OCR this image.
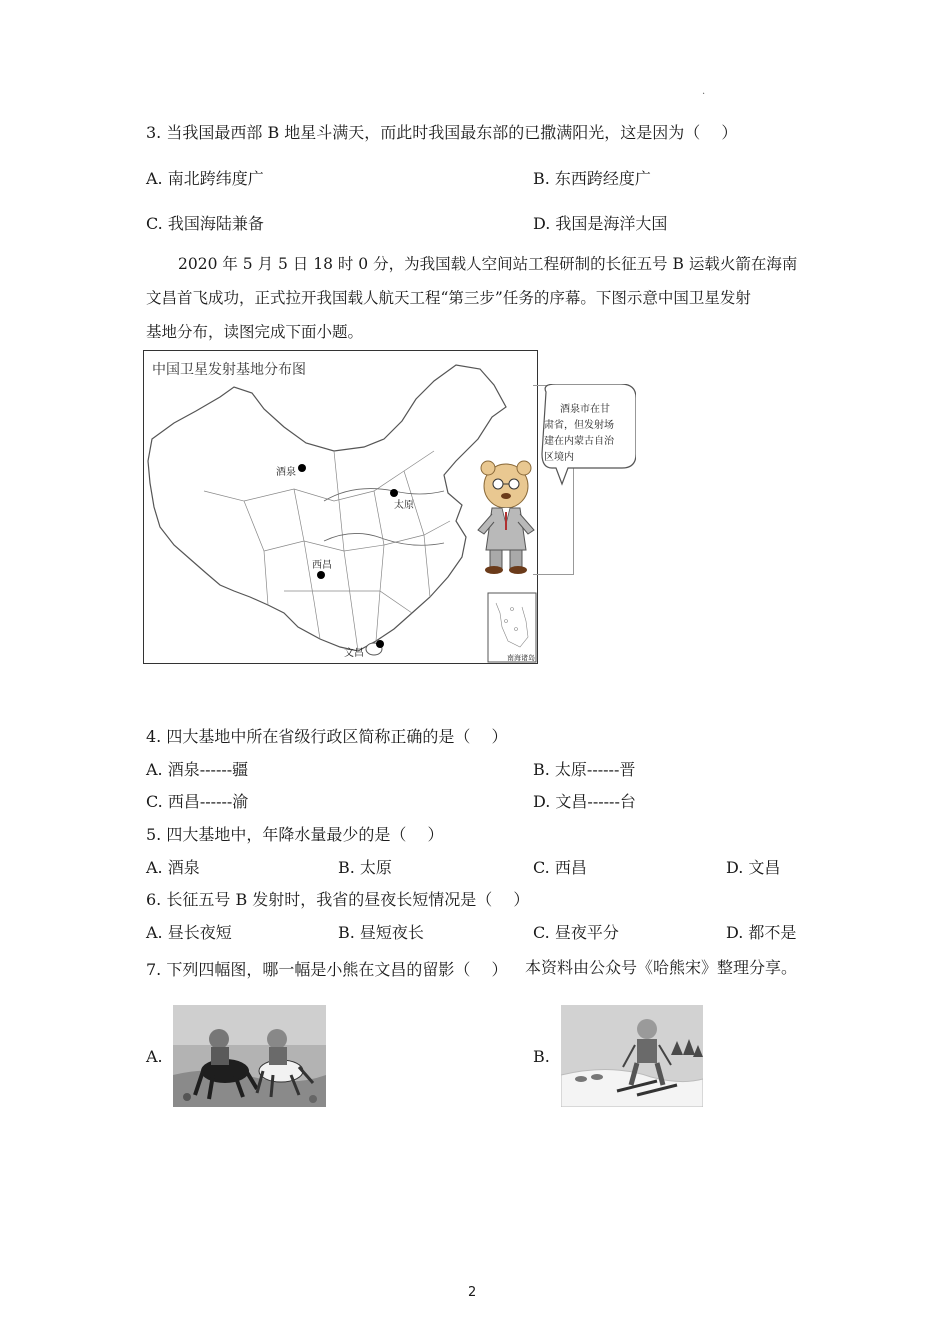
.
3. 当我国最西部 B 地星斗满天，而此时我国最东部的已撒满阳光，这是因为（　 ）
A. 南北跨纬度广	B. 东西跨经度广
C. 我国海陆兼备	D. 我国是海洋大国
2020 年 5 月 5 日 18 时 0 分，为我国载人空间站工程研制的长征五号 B 运载火箭在海南
文昌首飞成功，正式拉开我国载人航天工程“第三步”任务的序幕。下图示意中国卫星发射
基地分布，读图完成下面小题。
中国卫星发射基地分布图
酒泉
太原
西昌
文昌	南海诸岛
酒泉市在甘
肃省，但发射场
建在内蒙古自治
区境内
4. 四大基地中所在省级行政区简称正确的是（　 ）
A. 酒泉------疆	B. 太原------晋
C. 西昌------渝	D. 文昌------台
5. 四大基地中，年降水量最少的是（　 ）
A. 酒泉	B. 太原	C. 西昌	D. 文昌
6. 长征五号 B 发射时，我省的昼夜长短情况是（　 ）
A. 昼长夜短	B. 昼短夜长	C. 昼夜平分	D. 都不是
7. 下列四幅图，哪一幅是小熊在文昌的留影（　 ） 本资料由公众号《哈熊宋》整理分享。
A.	B.
2
